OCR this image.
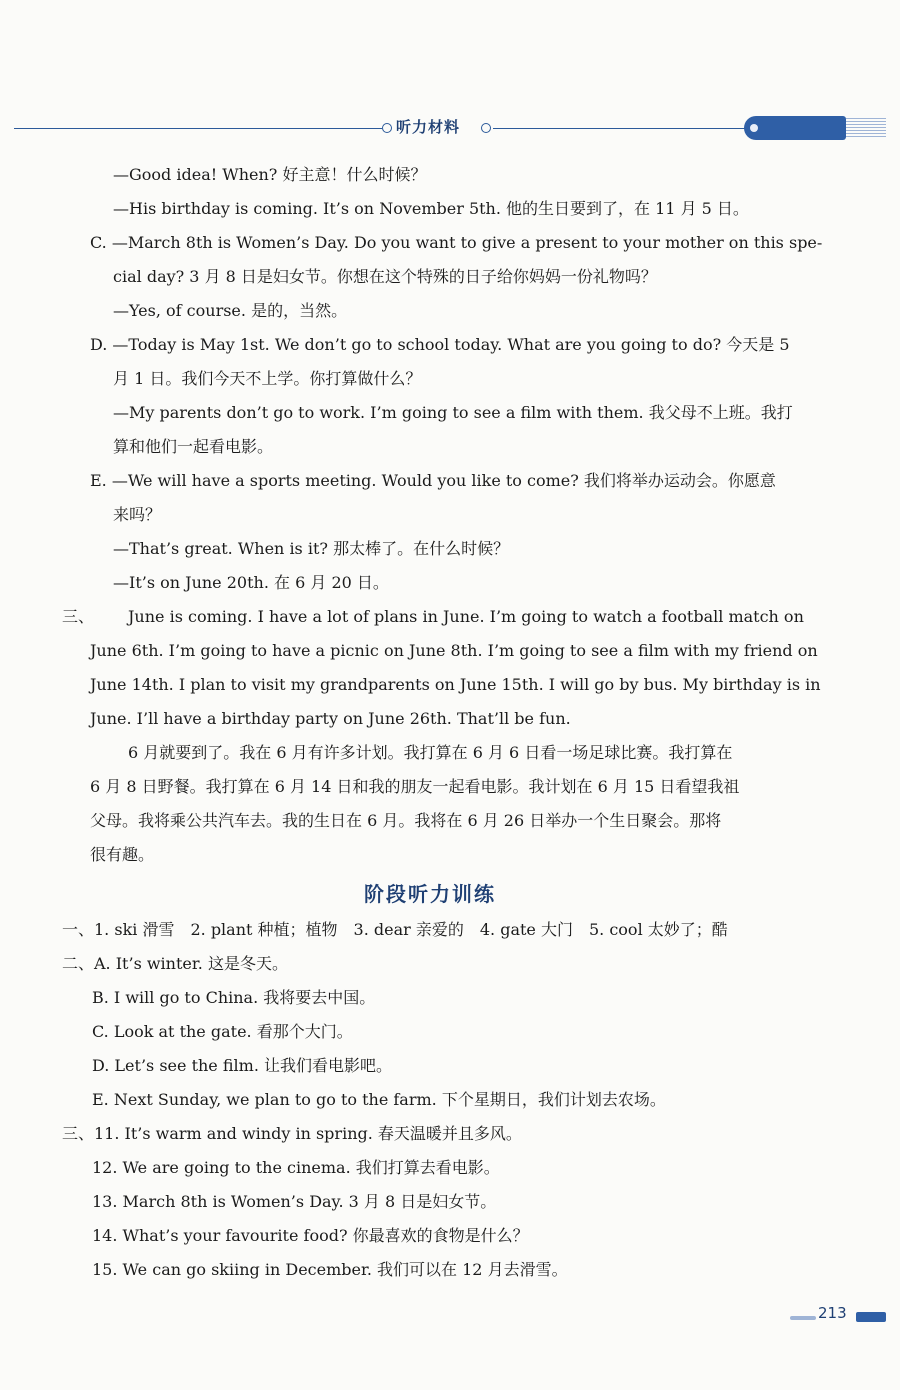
听力材料
—Good idea! When? 好主意！什么时候？
—His birthday is coming. It’s on November 5th. 他的生日要到了，在 11 月 5 日。
C. —March 8th is Women’s Day. Do you want to give a present to your mother on this spe-
cial day? 3 月 8 日是妇女节。你想在这个特殊的日子给你妈妈一份礼物吗？
—Yes, of course. 是的，当然。
D. —Today is May 1st. We don’t go to school today. What are you going to do? 今天是 5
月 1 日。我们今天不上学。你打算做什么？
—My parents don’t go to work. I’m going to see a film with them. 我父母不上班。我打
算和他们一起看电影。
E. —We will have a sports meeting. Would you like to come? 我们将举办运动会。你愿意
来吗？
—That’s great. When is it? 那太棒了。在什么时候？
—It’s on June 20th. 在 6 月 20 日。
三、 June is coming. I have a lot of plans in June. I’m going to watch a football match on
June 6th. I’m going to have a picnic on June 8th. I’m going to see a film with my friend on
June 14th. I plan to visit my grandparents on June 15th. I will go by bus. My birthday is in
June. I’ll have a birthday party on June 26th. That’ll be fun.
6 月就要到了。我在 6 月有许多计划。我打算在 6 月 6 日看一场足球比赛。我打算在
6 月 8 日野餐。我打算在 6 月 14 日和我的朋友一起看电影。我计划在 6 月 15 日看望我祖
父母。我将乘公共汽车去。我的生日在 6 月。我将在 6 月 26 日举办一个生日聚会。那将
很有趣。
阶段听力训练
一、1. ski 滑雪　2. plant 种植；植物　3. dear 亲爱的　4. gate 大门　5. cool 太妙了；酷
二、A. It’s winter. 这是冬天。
B. I will go to China. 我将要去中国。
C. Look at the gate. 看那个大门。
D. Let’s see the film. 让我们看电影吧。
E. Next Sunday, we plan to go to the farm. 下个星期日，我们计划去农场。
三、11. It’s warm and windy in spring. 春天温暖并且多风。
12. We are going to the cinema. 我们打算去看电影。
13. March 8th is Women’s Day. 3 月 8 日是妇女节。
14. What’s your favourite food? 你最喜欢的食物是什么？
15. We can go skiing in December. 我们可以在 12 月去滑雪。
213
